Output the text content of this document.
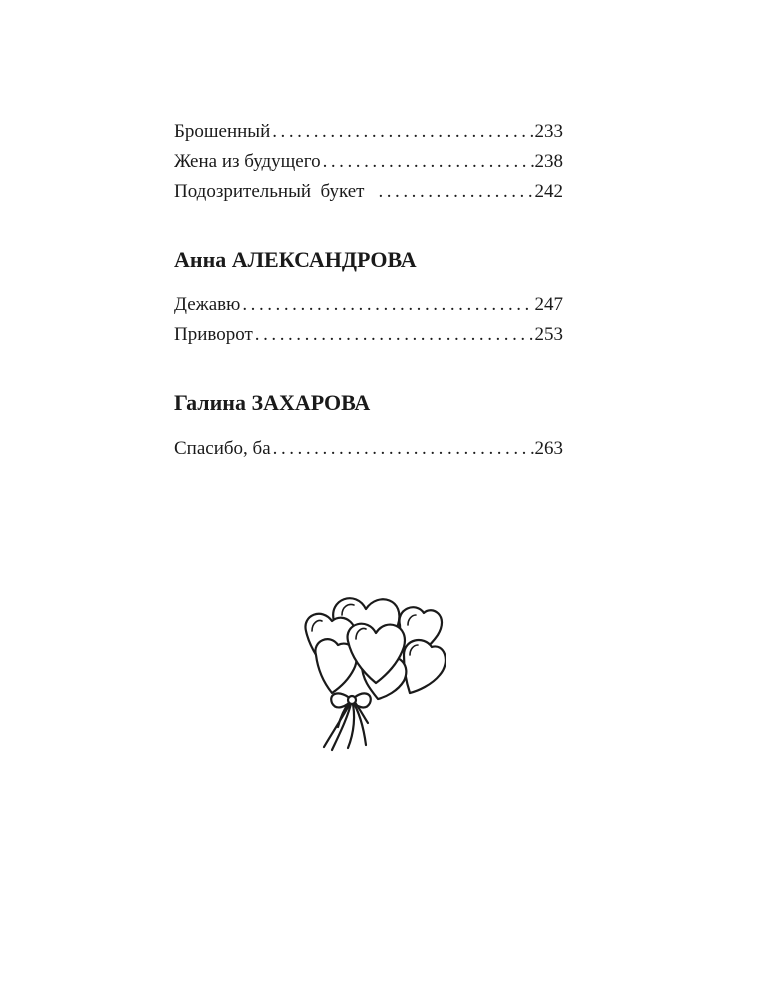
Брошенный . . .	233
Жена из будущего . . .	238
Подозрительный  букет . . .	242
Анна АЛЕКСАНДРОВА
Дежавю . . .	247
Приворот . . .	253
Галина ЗАХАРОВА
Спасибо, ба . . .	263
